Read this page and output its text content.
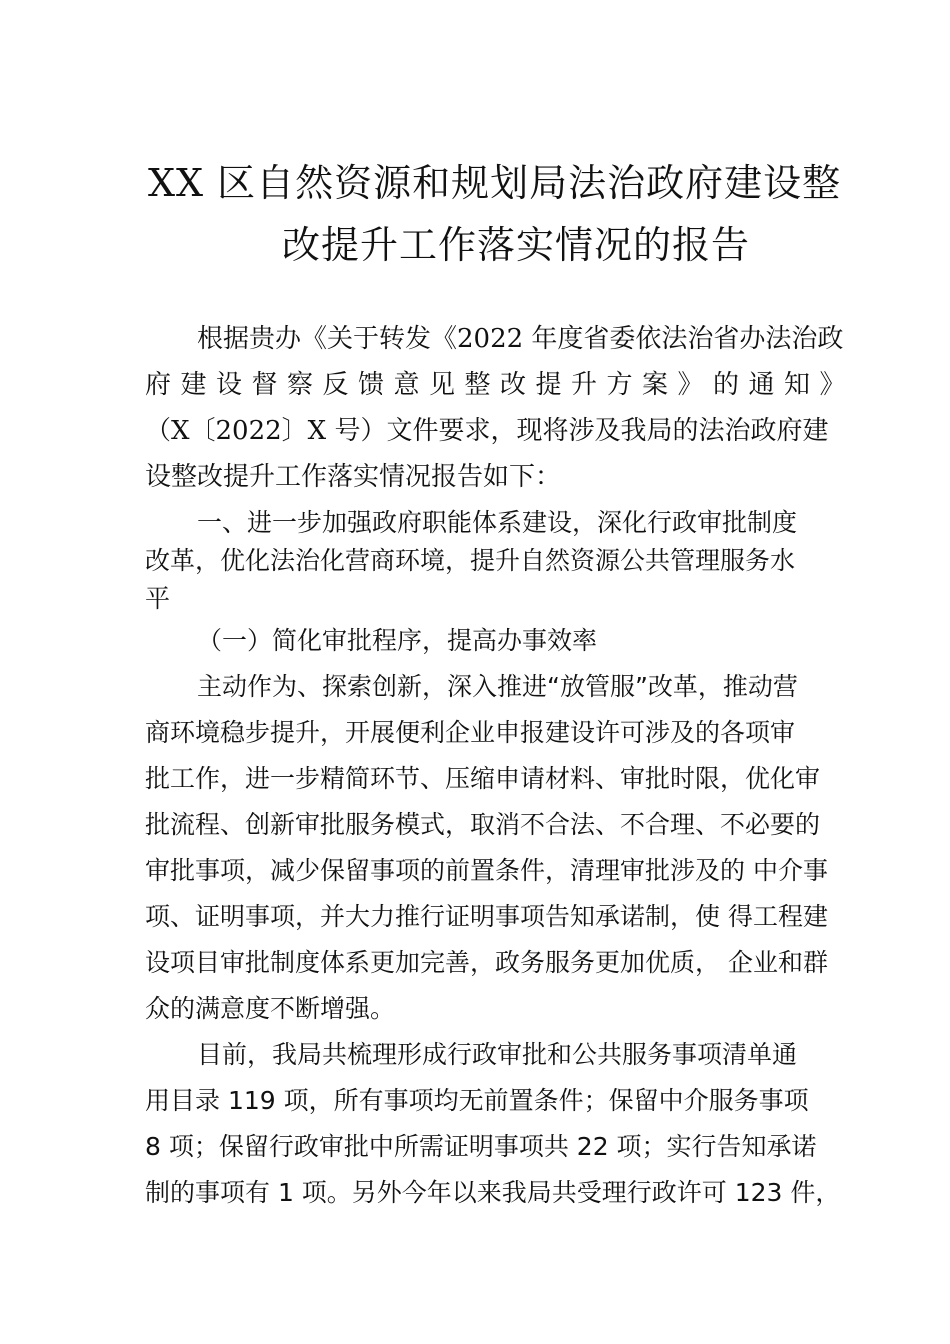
XX 区自然资源和规划局法治政府建设整
改提升工作落实情况的报告
根据贵办《关于转发《2022 年度省委依法治省办法治政
府建设督察反馈意见整改提升方案》的通知》
（X〔2022〕X 号）文件要求，现将涉及我局的法治政府建
设整改提升工作落实情况报告如下：
一、进一步加强政府职能体系建设，深化行政审批制度
改革，优化法治化营商环境，提升自然资源公共管理服务水
平
（一）简化审批程序，提高办事效率
主动作为、探索创新，深入推进“放管服”改革，推动营
商环境稳步提升，开展便利企业申报建设许可涉及的各项审
批工作，进一步精简环节、压缩申请材料、审批时限，优化审
批流程、创新审批服务模式，取消不合法、不合理、不必要的
审批事项，减少保留事项的前置条件，清理审批涉及的 中介事
项、证明事项，并大力推行证明事项告知承诺制，使 得工程建
设项目审批制度体系更加完善，政务服务更加优质， 企业和群
众的满意度不断增强。
目前，我局共梳理形成行政审批和公共服务事项清单通
用目录 119 项，所有事项均无前置条件；保留中介服务事项
8 项；保留行政审批中所需证明事项共 22 项；实行告知承诺
制的事项有 1 项。另外今年以来我局共受理行政许可 123 件，
